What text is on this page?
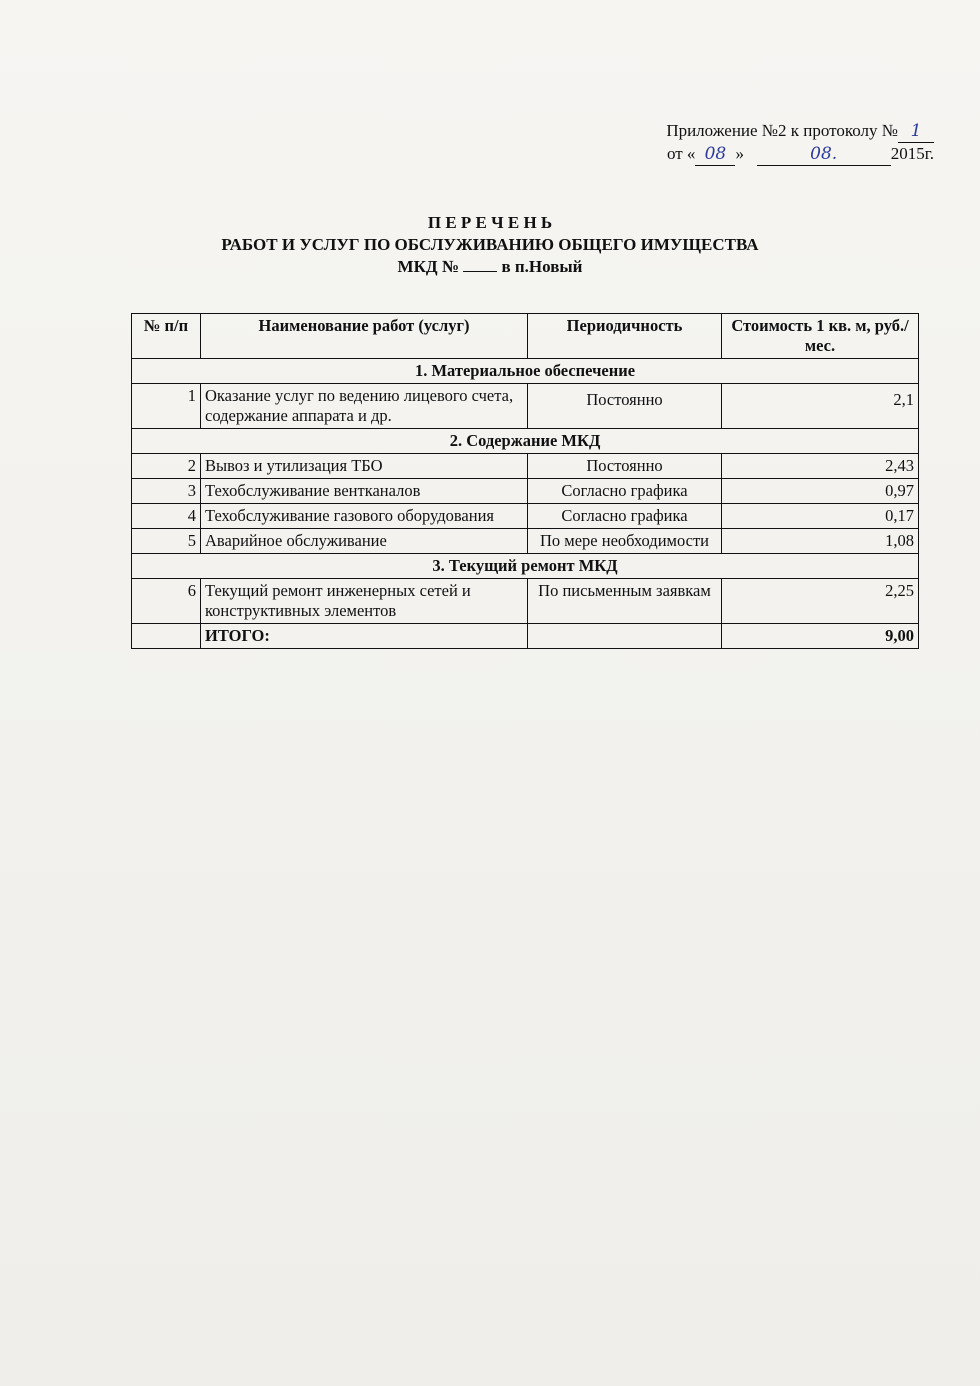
Приложение №2 к протоколу № 1
от « 08 »	08.	2015г.
П Е Р Е Ч Е Н Ь
РАБОТ И УСЛУГ ПО ОБСЛУЖИВАНИЮ ОБЩЕГО ИМУЩЕСТВА
МКД №	в п.Новый
№ п/п	Наименование работ (услуг)	Периодичность	Стоимость 1 кв. м, руб./мес.
1. Материальное обеспечение			
1	Оказание услуг по ведению лицевого счета, содержание аппарата и др.	Постоянно	2,1
2. Содержание МКД			
2	Вывоз и утилизация ТБО	Постоянно	2,43
3	Техобслуживание вентканалов	Согласно графика	0,97
4	Техобслуживание газового оборудования	Согласно графика	0,17
5	Аварийное обслуживание	По мере необходимости	1,08
3. Текущий ремонт МКД			
6	Текущий ремонт инженерных сетей и конструктивных элементов	По письменным заявкам	2,25
	ИТОГО:		9,00
